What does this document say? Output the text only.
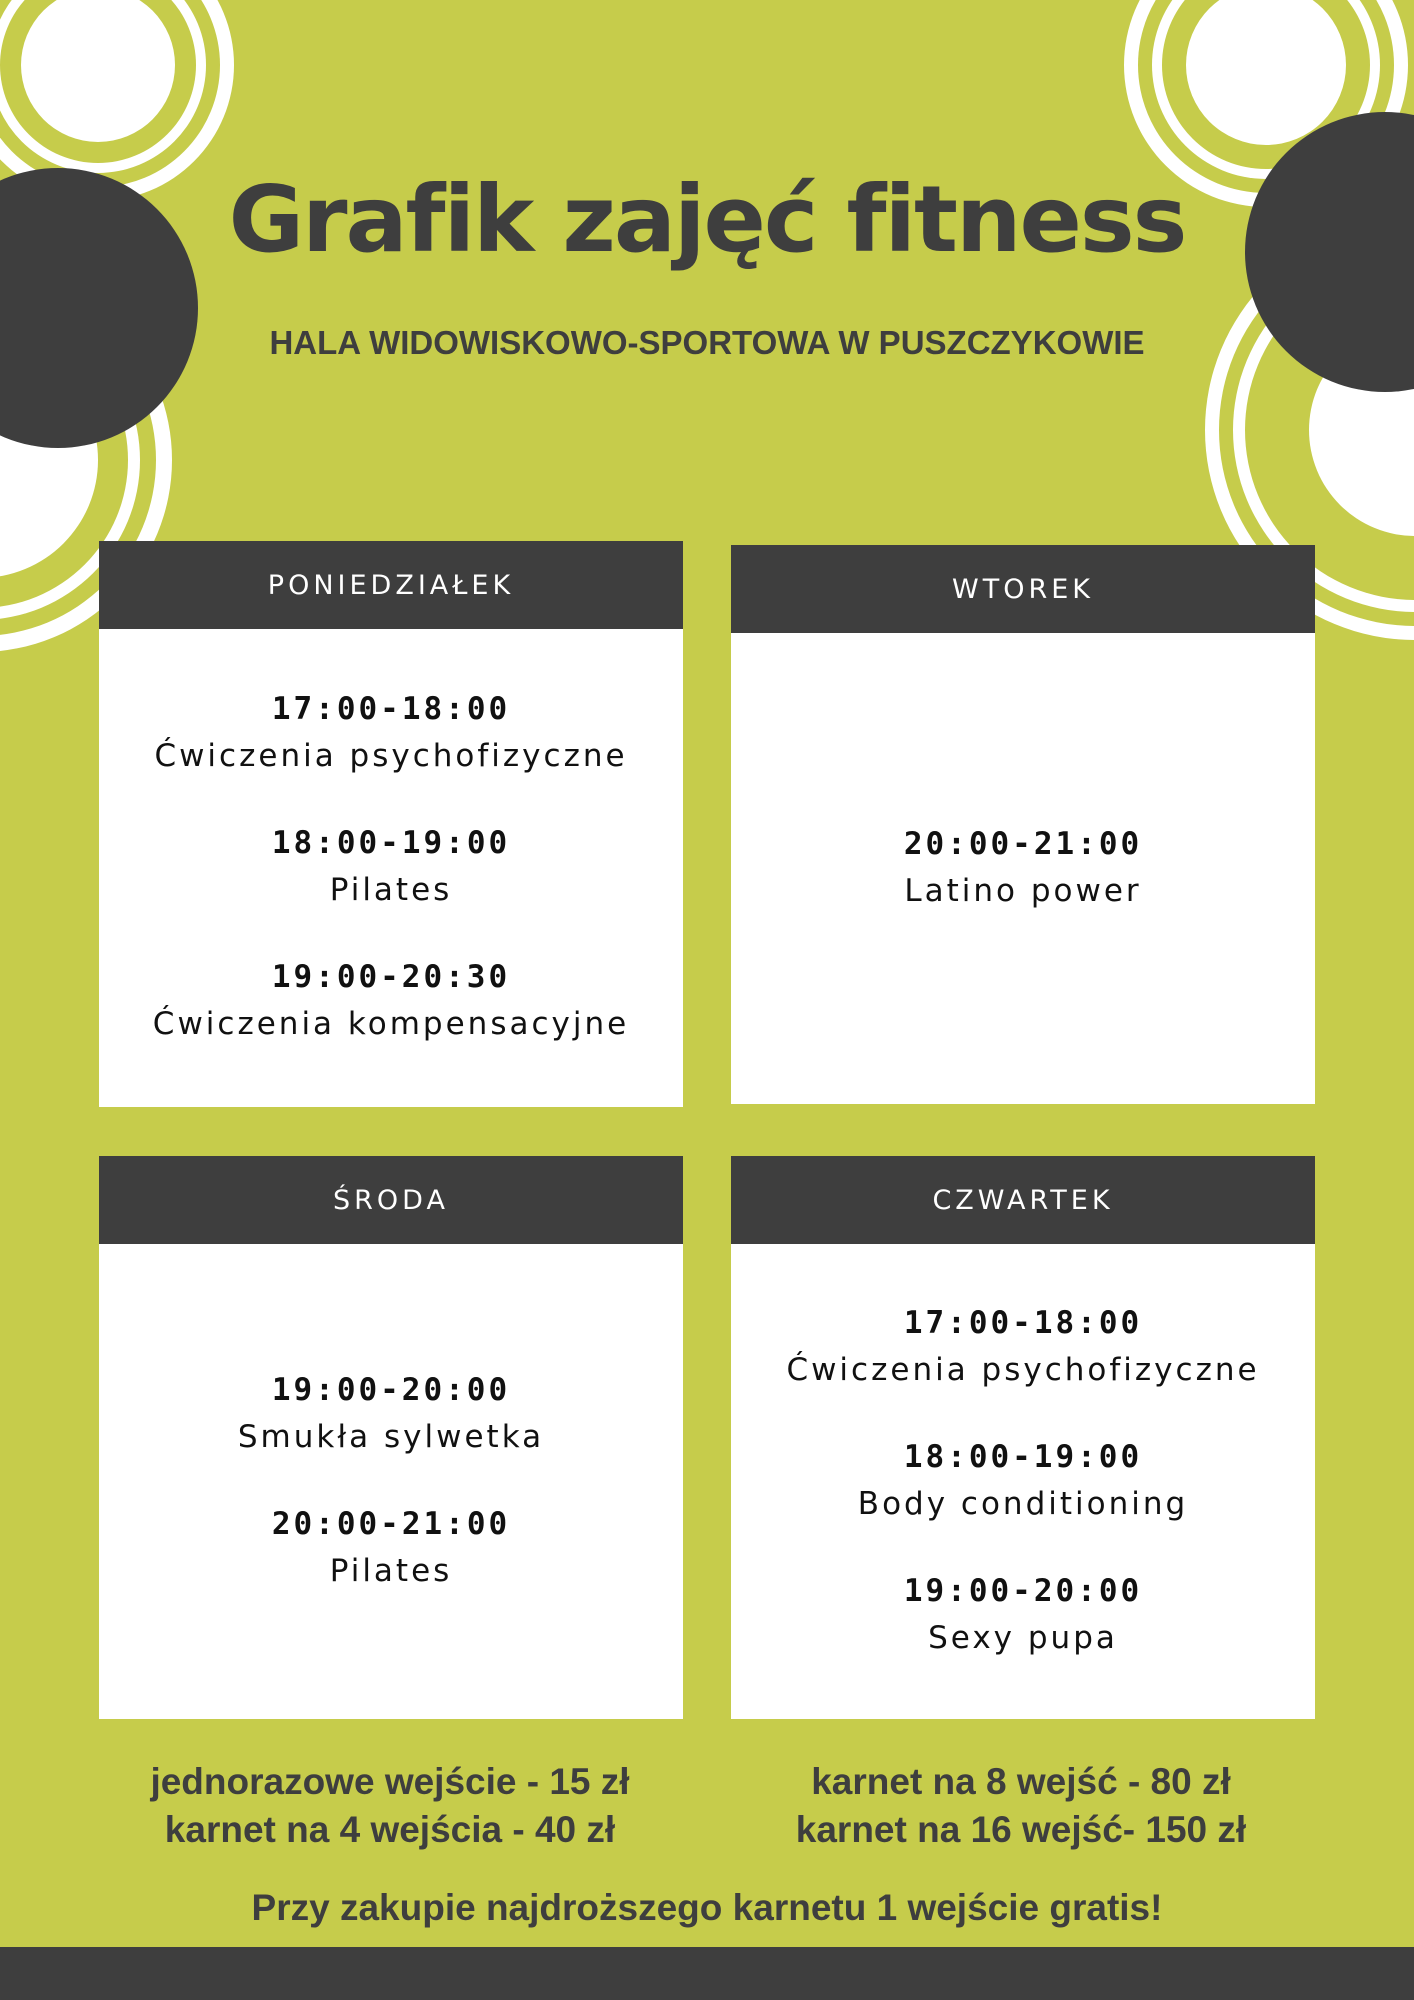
Grafik zajęć fitness
HALA WIDOWISKOWO-SPORTOWA W PUSZCZYKOWIE
PONIEDZIAŁEK
17:00-18:00
Ćwiczenia psychofizyczne
18:00-19:00
Pilates
19:00-20:30
Ćwiczenia kompensacyjne
WTOREK
20:00-21:00
Latino power
ŚRODA
19:00-20:00
Smukła sylwetka
20:00-21:00
Pilates
CZWARTEK
17:00-18:00
Ćwiczenia psychofizyczne
18:00-19:00
Body conditioning
19:00-20:00
Sexy pupa
jednorazowe wejście - 15 zł
karnet na 4 wejścia - 40 zł
karnet na 8 wejść - 80 zł
karnet na 16 wejść- 150 zł
Przy zakupie najdroższego karnetu 1 wejście gratis!
